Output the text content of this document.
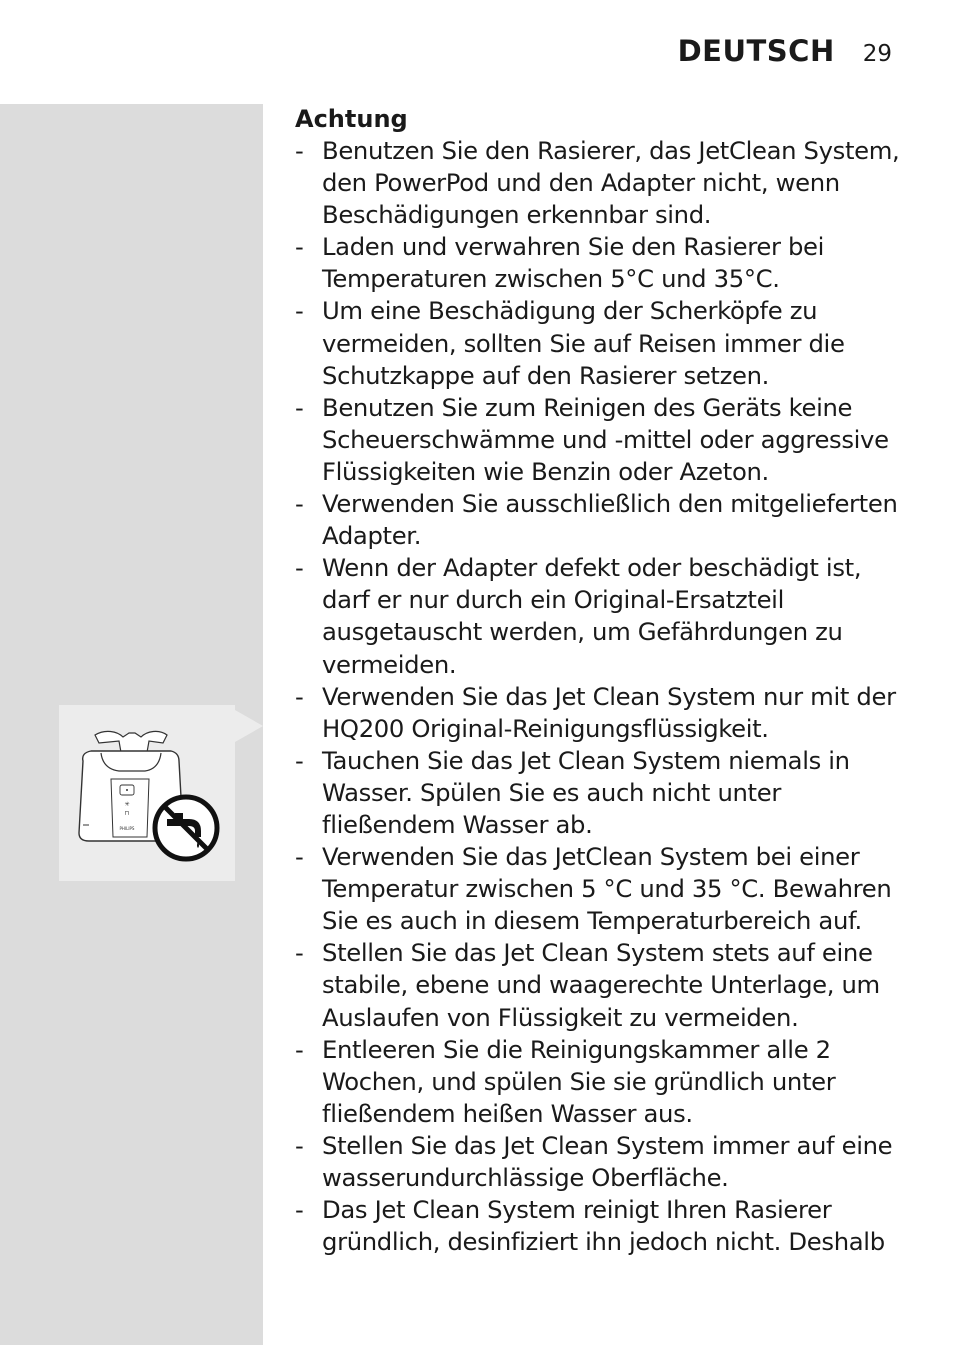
DEUTSCH 29
✳
⊓
PHILIPS
Achtung
- Benutzen Sie den Rasierer, das JetClean System, den PowerPod und den Adapter nicht, wenn Beschädigungen erkennbar sind.
- Laden und verwahren Sie den Rasierer bei Temperaturen zwischen 5°C und 35°C.
- Um eine Beschädigung der Scherköpfe zu vermeiden, sollten Sie auf Reisen immer die Schutzkappe auf den Rasierer setzen.
- Benutzen Sie zum Reinigen des Geräts keine Scheuerschwämme und -mittel oder aggressive Flüssigkeiten wie Benzin oder Azeton.
- Verwenden Sie ausschließlich den mitgelieferten Adapter.
- Wenn der Adapter defekt oder beschädigt ist, darf er nur durch ein Original-Ersatzteil ausgetauscht werden, um Gefährdungen zu vermeiden.
- Verwenden Sie das Jet Clean System nur mit der HQ200 Original-Reinigungsflüssigkeit.
- Tauchen Sie das Jet Clean System niemals in Wasser. Spülen Sie es auch nicht unter fließendem Wasser ab.
- Verwenden Sie das JetClean System bei einer Temperatur zwischen 5 °C und 35 °C. Bewahren Sie es auch in diesem Temperaturbereich auf.
- Stellen Sie das Jet Clean System stets auf eine stabile, ebene und waagerechte Unterlage, um Auslaufen von Flüssigkeit zu vermeiden.
- Entleeren Sie die Reinigungskammer alle 2 Wochen, und spülen Sie sie gründlich unter fließendem heißen Wasser aus.
- Stellen Sie das Jet Clean System immer auf eine wasserundurchlässige Oberfläche.
- Das Jet Clean System reinigt Ihren Rasierer gründlich, desinfiziert ihn jedoch nicht. Deshalb
